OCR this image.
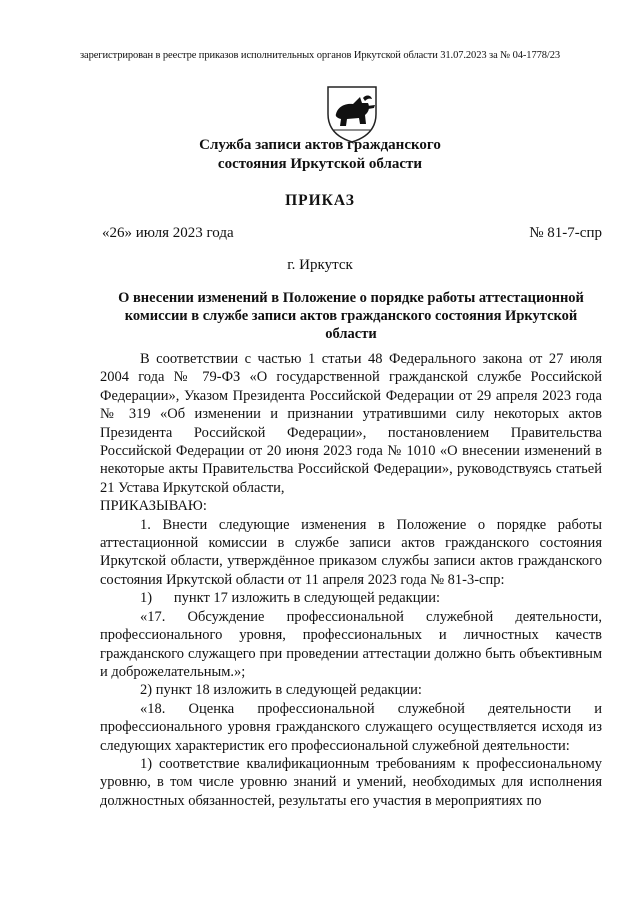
зарегистрирован в реестре приказов исполнительных органов Иркутской области 31.07.2023 за № 04-1778/23
Служба записи актов гражданского
состояния Иркутской области
ПРИКАЗ
«26» июля 2023 года	№ 81-7-спр
г. Иркутск
О внесении изменений в Положение о порядке работы аттестационной
комиссии в службе записи актов гражданского состояния Иркутской
области

В соответствии с частью 1 статьи 48 Федерального закона от 27 июля 2004 года № 79-ФЗ «О государственной гражданской службе Российской Федерации», Указом Президента Российской Федерации от 29 апреля 2023 года № 319 «Об изменении и признании утратившими силу некоторых актов Президента Российской Федерации», постановлением Правительства Российской Федерации от 20 июня 2023 года № 1010 «О внесении изменений в некоторые акты Правительства Российской Федерации», руководствуясь статьей 21 Устава Иркутской области,

ПРИКАЗЫВАЮ:

1. Внести следующие изменения в Положение о порядке работы аттестационной комиссии в службе записи актов гражданского состояния Иркутской области, утверждённое приказом службы записи актов гражданского состояния Иркутской области от 11 апреля 2023 года № 81-3-спр:

1)      пункт 17 изложить в следующей редакции:

«17. Обсуждение профессиональной служебной деятельности, профессионального уровня, профессиональных и личностных качеств гражданского служащего при проведении аттестации должно быть объективным и доброжелательным.»;

2) пункт 18 изложить в следующей редакции:

«18. Оценка профессиональной служебной деятельности и профессионального уровня гражданского служащего осуществляется исходя из следующих характеристик его профессиональной служебной деятельности:

1) соответствие квалификационным требованиям к профессиональному уровню, в том числе уровню знаний и умений, необходимых для исполнения должностных обязанностей, результаты его участия в мероприятиях по
